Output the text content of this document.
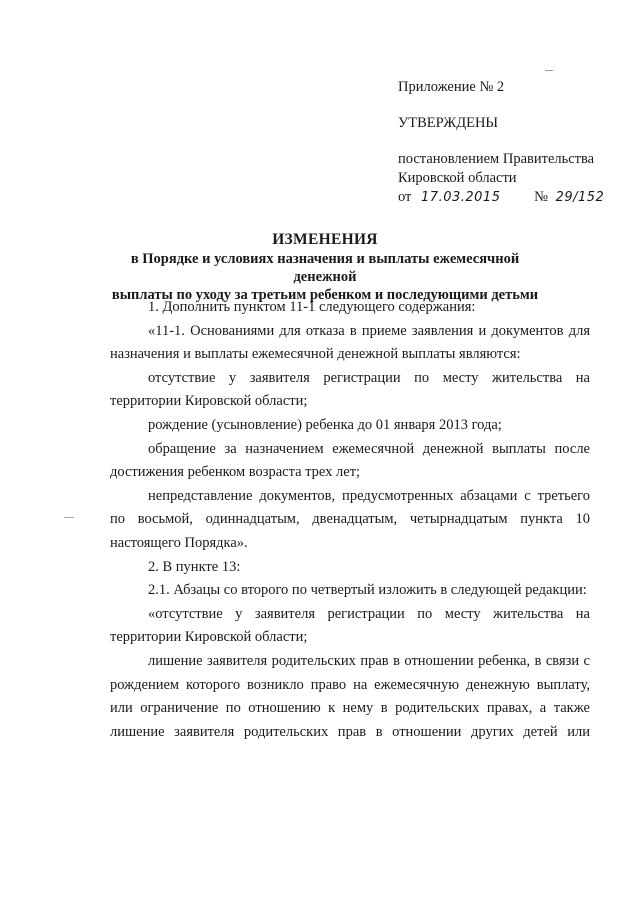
Приложение № 2
УТВЕРЖДЕНЫ
постановлением Правительства
Кировской области
от 17.03.2015 № 29/152
ИЗМЕНЕНИЯ
в Порядке и условиях назначения и выплаты ежемесячной денежной
выплаты по уходу за третьим ребенком и последующими детьми

1. Дополнить пунктом 11-1 следующего содержания:

«11-1. Основаниями для отказа в приеме заявления и документов для назначения и выплаты ежемесячной денежной выплаты являются:

отсутствие у заявителя регистрации по месту жительства на территории Кировской области;

рождение (усыновление) ребенка до 01 января 2013 года;

обращение за назначением ежемесячной денежной выплаты после достижения ребенком возраста трех лет;

непредставление документов, предусмотренных абзацами с третьего по восьмой, одиннадцатым, двенадцатым, четырнадцатым пункта 10 настоящего Порядка».

2. В пункте 13:

2.1. Абзацы со второго по четвертый изложить в следующей редакции:

«отсутствие у заявителя регистрации по месту жительства на территории Кировской области;

лишение заявителя родительских прав в отношении ребенка, в связи с рождением которого возникло право на ежемесячную денежную выплату, или ограничение по отношению к нему в родительских правах, а также лишение заявителя родительских прав в отношении других детей или
